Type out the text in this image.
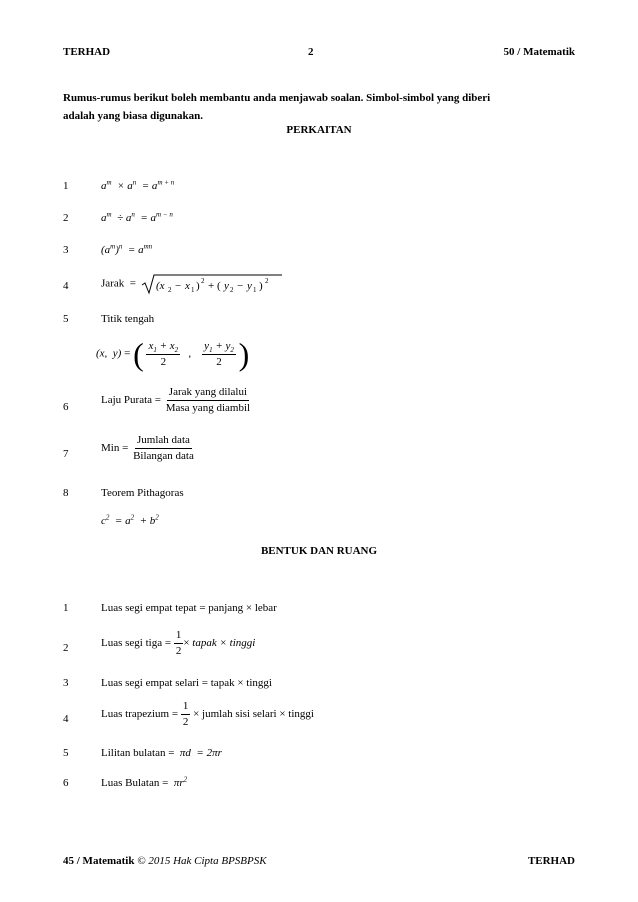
TERHAD	2	50 / Matematik
Rumus-rumus berikut boleh membantu anda menjawab soalan. Simbol-simbol yang diberi
adalah yang biasa digunakan.
PERKAITAN
1	$a^m \times a^n = a^{m + n}$
2	$a^m \div a^n = a^{m - n}$
3	$(a^m)^n = a^{mn}$
4	Jarak  = (x 2 − x 1 ) 2 + ( y 2 − y 1 ) 2
5	Titik tengah
(x,  y) = ( $\frac{x_1 + x_2}{2}$ , $\frac{y_1 + y_2}{2}$ )
6
Laju Purata = $\frac{\text{Jarak yang dilalui}}{\text{Masa yang diambil}}$
7	Min = $\frac{\text{Jumlah data}}{\text{Bilangan data}}$
8	Teorem Pithagoras
$c^2 = a^2 + b^2$
BENTUK DAN RUANG
1	Luas segi empat tepat = panjang × lebar
2	Luas segi tiga = $\frac{1}{2}$ × tapak × tinggi
3	Luas segi empat selari = tapak × tinggi
4	Luas trapezium = $\frac{1}{2}$ × jumlah sisi selari × tinggi
5	Lilitan bulatan =  πd  = 2πr
6	Luas Bulatan =  $\pi r^2$
45 / Matematik © 2015 Hak Cipta BPSBPSK	TERHAD
